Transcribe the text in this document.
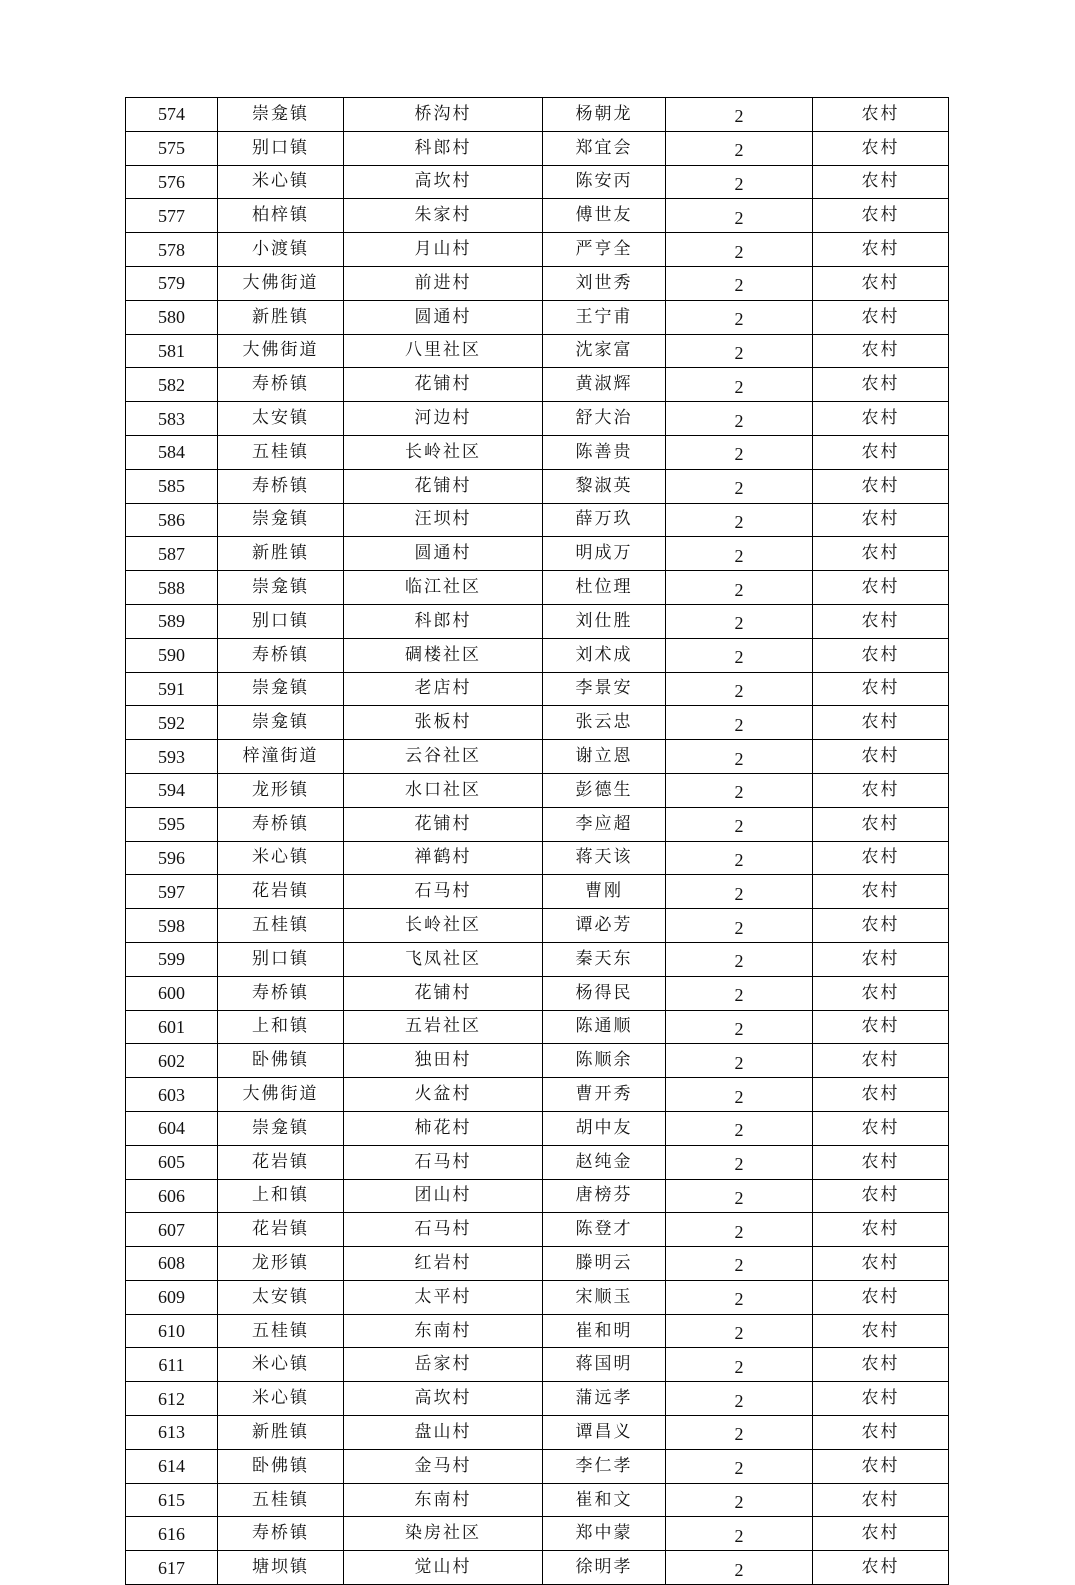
574	崇龛镇	桥沟村	杨朝龙	2	农村
575	别口镇	科郎村	郑宜会	2	农村
576	米心镇	高坎村	陈安丙	2	农村
577	柏梓镇	朱家村	傅世友	2	农村
578	小渡镇	月山村	严亨全	2	农村
579	大佛街道	前进村	刘世秀	2	农村
580	新胜镇	圆通村	王宁甫	2	农村
581	大佛街道	八里社区	沈家富	2	农村
582	寿桥镇	花铺村	黄淑辉	2	农村
583	太安镇	河边村	舒大治	2	农村
584	五桂镇	长岭社区	陈善贵	2	农村
585	寿桥镇	花铺村	黎淑英	2	农村
586	崇龛镇	汪坝村	薛万玖	2	农村
587	新胜镇	圆通村	明成万	2	农村
588	崇龛镇	临江社区	杜位理	2	农村
589	别口镇	科郎村	刘仕胜	2	农村
590	寿桥镇	碉楼社区	刘术成	2	农村
591	崇龛镇	老店村	李景安	2	农村
592	崇龛镇	张板村	张云忠	2	农村
593	梓潼街道	云谷社区	谢立恩	2	农村
594	龙形镇	水口社区	彭德生	2	农村
595	寿桥镇	花铺村	李应超	2	农村
596	米心镇	禅鹤村	蒋天该	2	农村
597	花岩镇	石马村	曹刚	2	农村
598	五桂镇	长岭社区	谭必芳	2	农村
599	别口镇	飞凤社区	秦天东	2	农村
600	寿桥镇	花铺村	杨得民	2	农村
601	上和镇	五岩社区	陈通顺	2	农村
602	卧佛镇	独田村	陈顺余	2	农村
603	大佛街道	火盆村	曹开秀	2	农村
604	崇龛镇	柿花村	胡中友	2	农村
605	花岩镇	石马村	赵纯金	2	农村
606	上和镇	团山村	唐榜芬	2	农村
607	花岩镇	石马村	陈登才	2	农村
608	龙形镇	红岩村	滕明云	2	农村
609	太安镇	太平村	宋顺玉	2	农村
610	五桂镇	东南村	崔和明	2	农村
611	米心镇	岳家村	蒋国明	2	农村
612	米心镇	高坎村	蒲远孝	2	农村
613	新胜镇	盘山村	谭昌义	2	农村
614	卧佛镇	金马村	李仁孝	2	农村
615	五桂镇	东南村	崔和文	2	农村
616	寿桥镇	染房社区	郑中蒙	2	农村
617	塘坝镇	觉山村	徐明孝	2	农村
